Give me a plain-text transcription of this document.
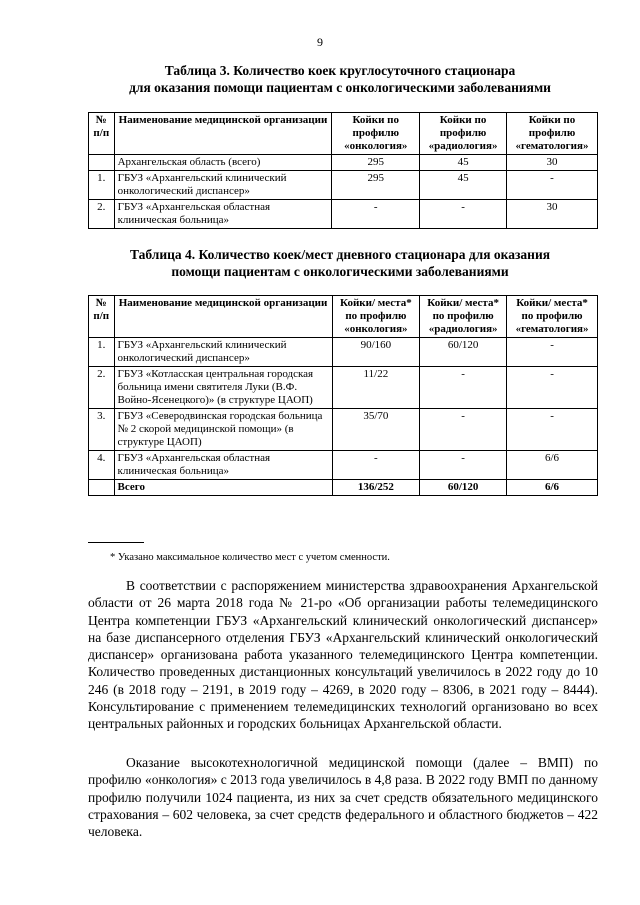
9
Таблица 3. Количество коек круглосуточного стационара
для оказания помощи пациентам с онкологическими заболеваниями
№ п/п	Наименование медицинской организации	Койки по профилю «онкология»	Койки по профилю «радиология»	Койки по профилю «гематология»
	Архангельская область (всего)	295	45	30
1.	ГБУЗ «Архангельский клинический онкологический диспансер»	295	45	-
2.	ГБУЗ «Архангельская областная клиническая больница»	-	-	30
Таблица 4. Количество коек/мест дневного стационара для оказания
помощи пациентам с онкологическими заболеваниями
№ п/п	Наименование медицинской организации	Койки/ места* по профилю «онкология»	Койки/ места* по профилю «радиология»	Койки/ места* по профилю «гематология»
1.	ГБУЗ «Архангельский клинический онкологический диспансер»	90/160	60/120	-
2.	ГБУЗ «Котласская центральная городская больница имени святителя Луки (В.Ф. Войно-Ясенецкого)» (в структуре ЦАОП)	11/22	-	-
3.	ГБУЗ «Северодвинская городская больница № 2 скорой медицинской помощи» (в структуре ЦАОП)	35/70	-	-
4.	ГБУЗ «Архангельская областная клиническая больница»	-	-	6/6
	Всего	136/252	60/120	6/6
* Указано максимальное количество мест с учетом сменности.

В соответствии с распоряжением министерства здравоохранения Архангельской области от 26 марта 2018 года № 21-ро «Об организации работы телемедицинского Центра компетенции ГБУЗ «Архангельский клинический онкологический диспансер» на базе диспансерного отделения ГБУЗ «Архангельский клинический онкологический диспансер» организована работа указанного телемедицинского Центра компетенции. Количество проведенных дистанционных консультаций увеличилось в 2022 году до 10 246 (в 2018 году – 2191, в 2019 году – 4269, в 2020 году – 8306, в 2021 году – 8444). Консультирование с применением телемедицинских технологий организовано во всех центральных районных и городских больницах Архангельской области.

Оказание высокотехнологичной медицинской помощи (далее – ВМП) по профилю «онкология» с 2013 года увеличилось в 4,8 раза. В 2022 году ВМП по данному профилю получили 1024 пациента, из них за счет средств обязательного медицинского страхования – 602 человека, за счет средств федерального и областного бюджетов – 422 человека.
